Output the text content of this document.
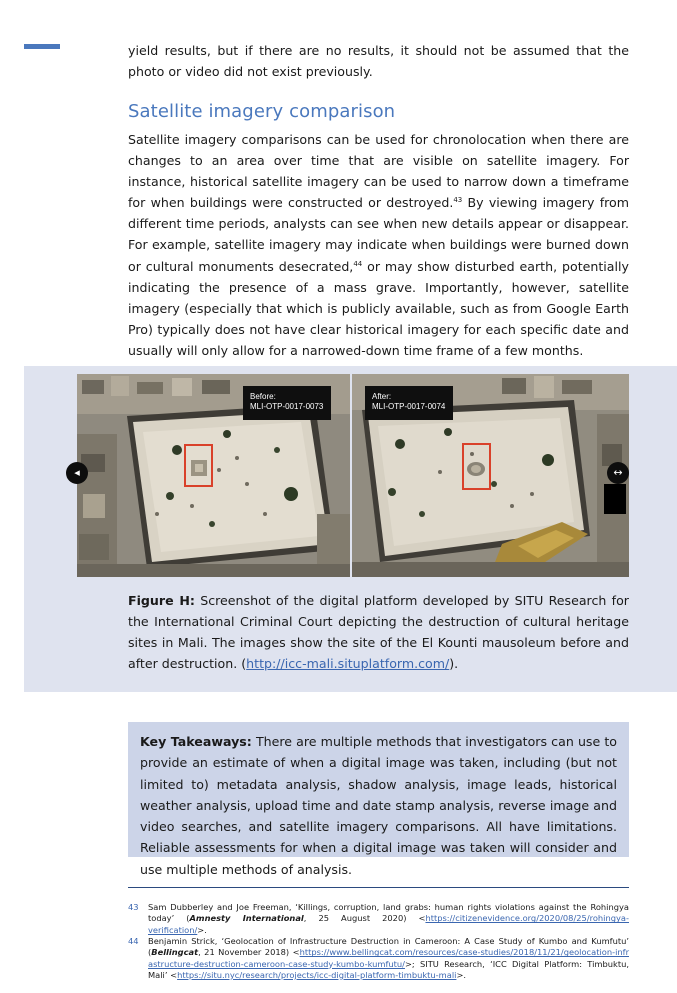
yield results, but if there are no results, it should not be assumed that the photo or video did not exist previously.

Satellite imagery comparison

Satellite imagery comparisons can be used for chronolocation when there are changes to an area over time that are visible on satellite imagery. For instance, historical satellite imagery can be used to narrow down a timeframe for when buildings were constructed or destroyed.$^{43}$ By viewing imagery from different time periods, analysts can see when new details appear or disappear. For example, satellite imagery may indicate when buildings were burned down or cultural monuments desecrated,$^{44}$ or may show disturbed earth, potentially indicating the presence of a mass grave. Importantly, however, satellite imagery (especially that which is publicly available, such as from Google Earth Pro) typically does not have clear historical imagery for each specific date and usually will only allow for a narrowed-down time frame of a few months.

Before:
MLI-OTP-0017-0073
After:
MLI-OTP-0017-0074
◂	↔

Figure H: Screenshot of the digital platform developed by SITU Research for the International Criminal Court depicting the destruction of cultural heritage sites in Mali. The images show the site of the El Kounti mausoleum before and after destruction. (http://icc-mali.situplatform.com/).

Key Takeaways: There are multiple methods that investigators can use to provide an estimate of when a digital image was taken, including (but not limited to) metadata analysis, shadow analysis, image leads, historical weather analysis, upload time and date stamp analysis, reverse image and video searches, and satellite imagery comparisons. All have limitations. Reliable assessments for when a digital image was taken will consider and use multiple methods of analysis.

43 Sam Dubberley and Joe Freeman, ‘Killings, corruption, land grabs: human rights violations against the Rohingya today’ (Amnesty International, 25 August 2020) <https://citizenevidence.org/2020/08/25/rohingya-verification/>.

44 Benjamin Strick, ‘Geolocation of Infrastructure Destruction in Cameroon: A Case Study of Kumbo and Kumfutu’ (Bellingcat, 21 November 2018) <https://www.bellingcat.com/resources/case-studies/2018/11/21/geolocation-infrastructure-destruction-cameroon-case-study-kumbo-kumfutu/>; SITU Research, ‘ICC Digital Platform: Timbuktu, Mali’ <https://situ.nyc/research/projects/icc-digital-platform-timbuktu-mali>.
